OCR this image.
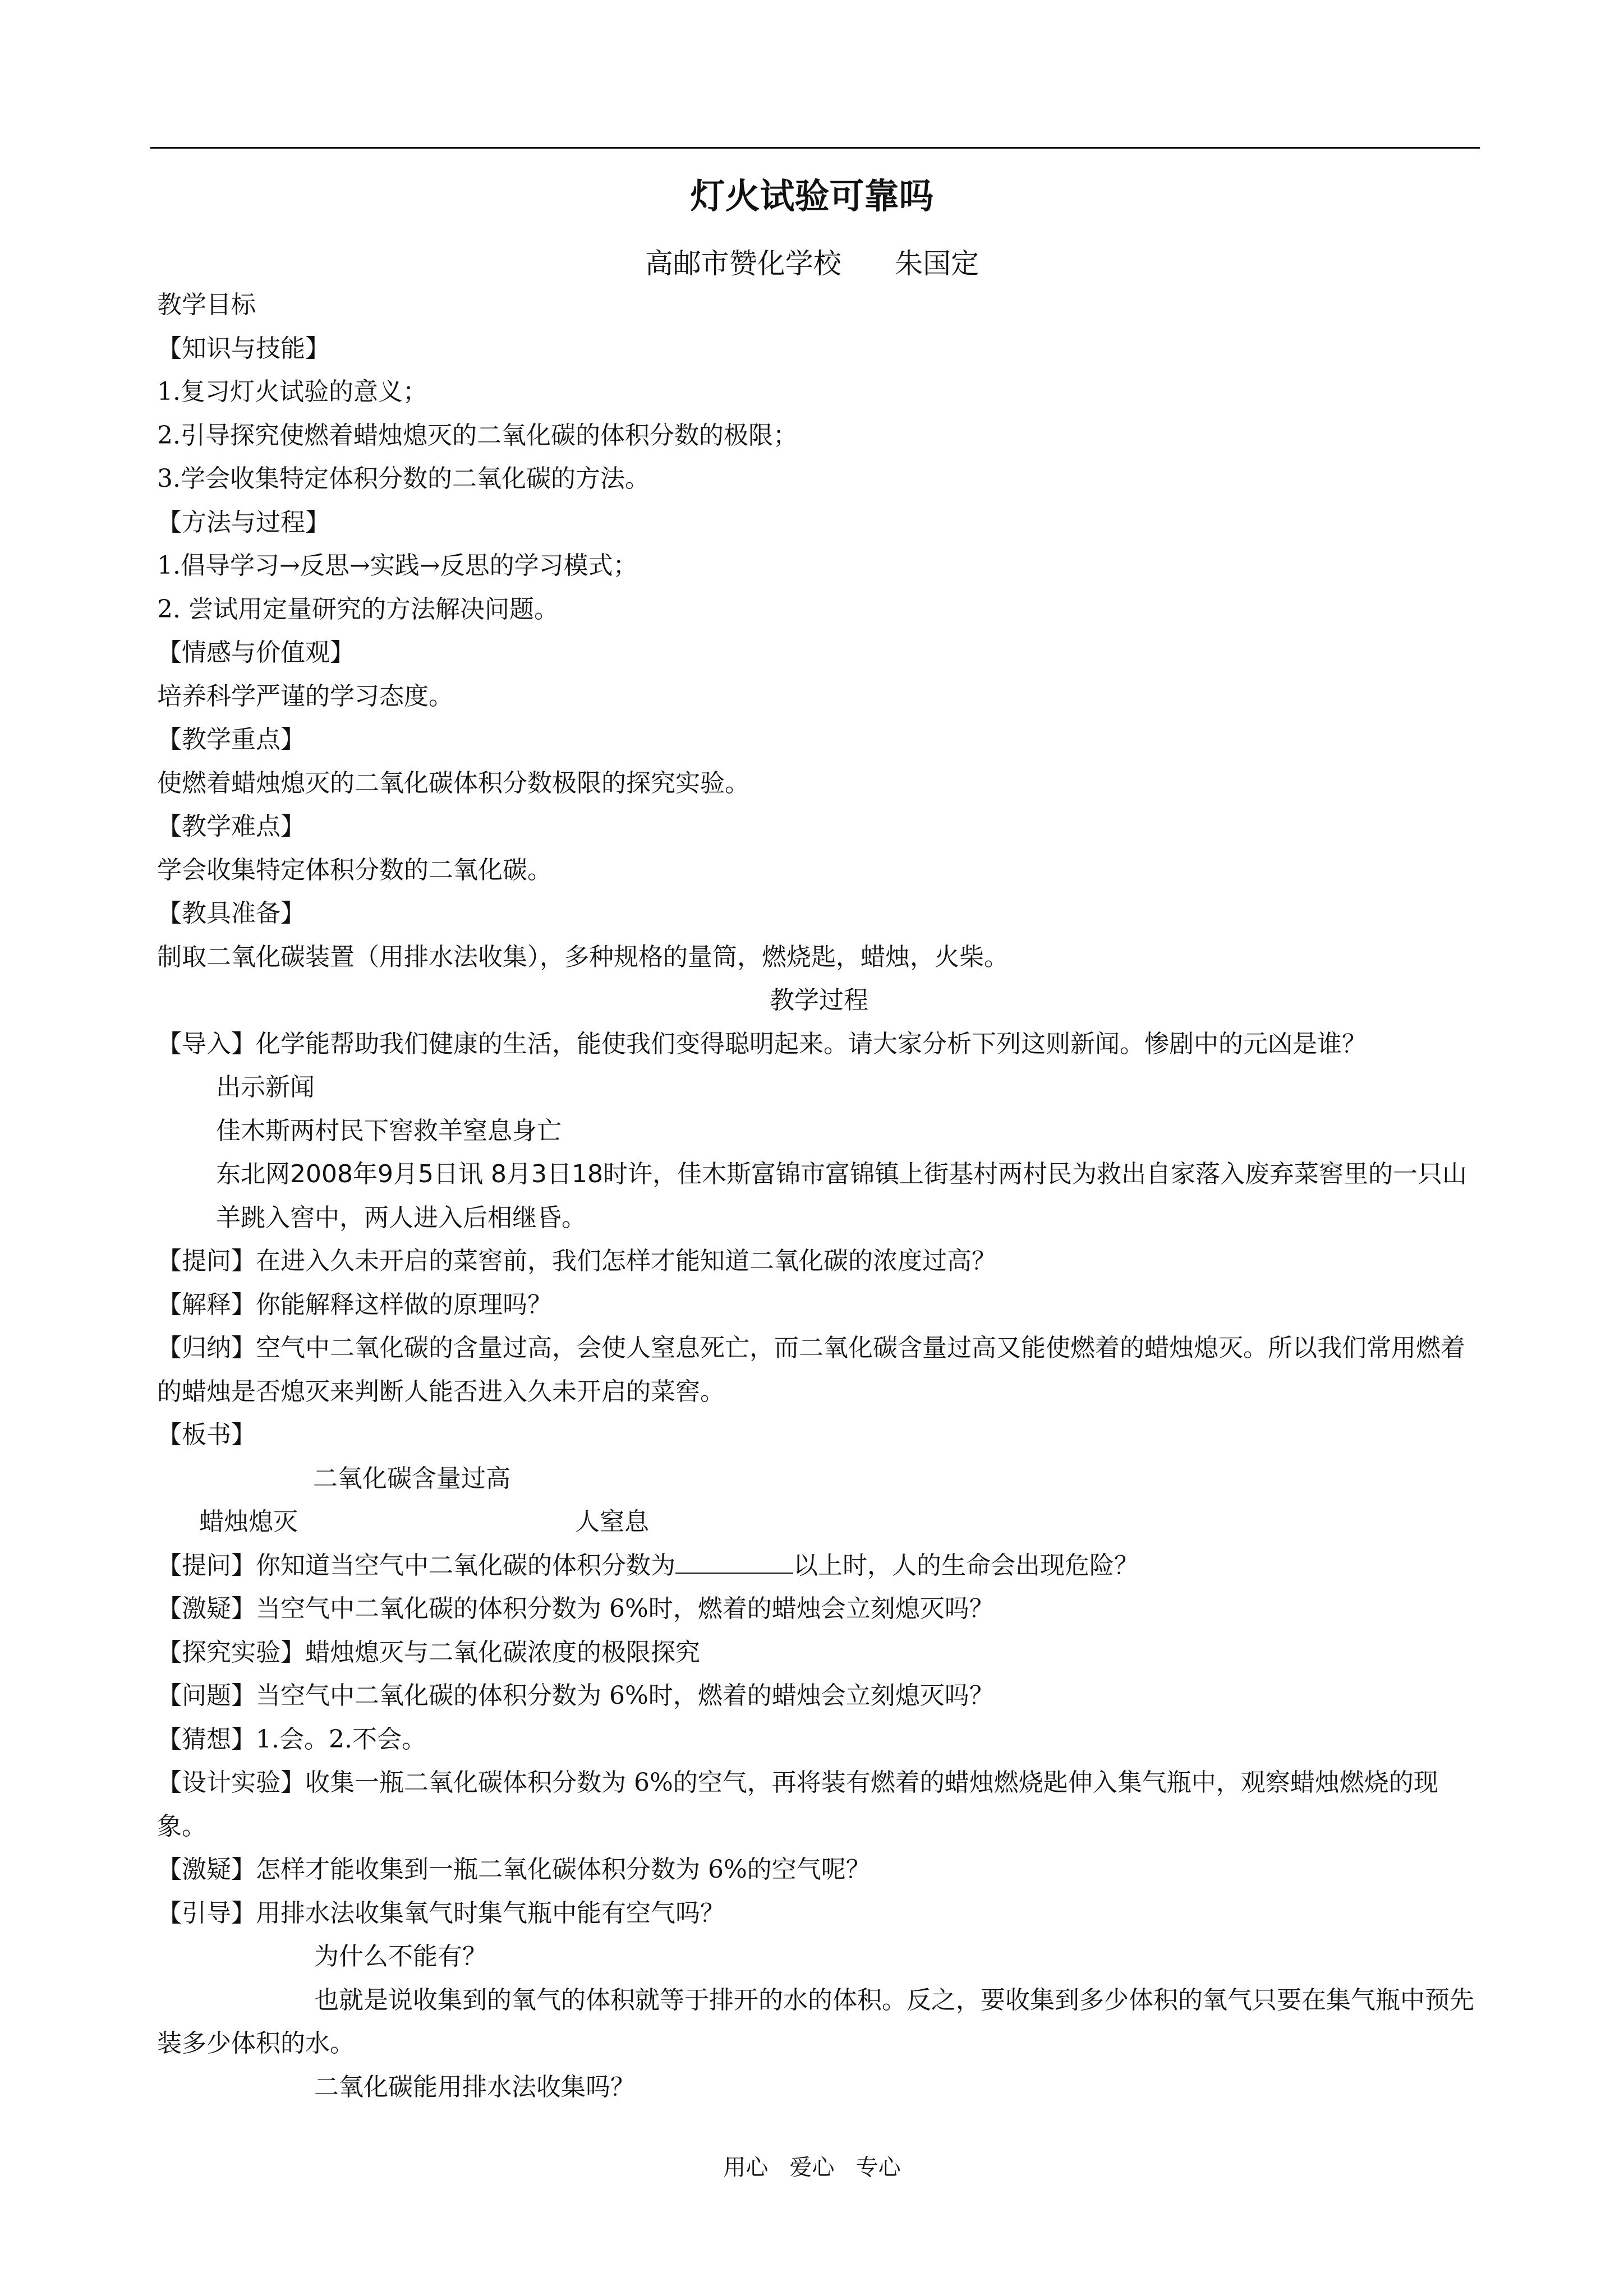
灯火试验可靠吗
高邮市赞化学校      朱国定

教学目标

【知识与技能】

1.复习灯火试验的意义；

2.引导探究使燃着蜡烛熄灭的二氧化碳的体积分数的极限；

3.学会收集特定体积分数的二氧化碳的方法。

【方法与过程】

1.倡导学习→反思→实践→反思的学习模式；

2. 尝试用定量研究的方法解决问题。

【情感与价值观】

培养科学严谨的学习态度。

【教学重点】

使燃着蜡烛熄灭的二氧化碳体积分数极限的探究实验。

【教学难点】

学会收集特定体积分数的二氧化碳。

【教具准备】

制取二氧化碳装置（用排水法收集），多种规格的量筒，燃烧匙，蜡烛，火柴。

教学过程

【导入】化学能帮助我们健康的生活，能使我们变得聪明起来。请大家分析下列这则新闻。惨剧中的元凶是谁？

出示新闻

佳木斯两村民下窖救羊窒息身亡

东北网2008年9月5日讯 8月3日18时许，佳木斯富锦市富锦镇上街基村两村民为救出自家落入废弃菜窖里的一只山羊跳入窖中，两人进入后相继昏。

【提问】在进入久未开启的菜窖前，我们怎样才能知道二氧化碳的浓度过高？

【解释】你能解释这样做的原理吗？

【归纳】空气中二氧化碳的含量过高，会使人窒息死亡，而二氧化碳含量过高又能使燃着的蜡烛熄灭。所以我们常用燃着的蜡烛是否熄灭来判断人能否进入久未开启的菜窖。

【板书】

二氧化碳含量过高
蜡烛熄灭	人窒息

【提问】你知道当空气中二氧化碳的体积分数为	以上时，人的生命会出现危险？

【激疑】当空气中二氧化碳的体积分数为 6%时，燃着的蜡烛会立刻熄灭吗？

【探究实验】蜡烛熄灭与二氧化碳浓度的极限探究

【问题】当空气中二氧化碳的体积分数为 6%时，燃着的蜡烛会立刻熄灭吗？

【猜想】1.会。2.不会。

【设计实验】收集一瓶二氧化碳体积分数为 6%的空气，再将装有燃着的蜡烛燃烧匙伸入集气瓶中，观察蜡烛燃烧的现象。

【激疑】怎样才能收集到一瓶二氧化碳体积分数为 6%的空气呢？

【引导】用排水法收集氧气时集气瓶中能有空气吗？

为什么不能有？

也就是说收集到的氧气的体积就等于排开的水的体积。反之，要收集到多少体积的氧气只要在集气瓶中预先装多少体积的水。

二氧化碳能用排水法收集吗？

用心   爱心   专心
